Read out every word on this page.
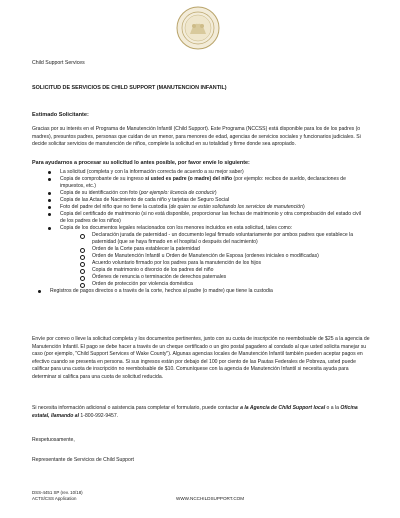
Child Support Services
SOLICITUD DE SERVICIOS DE CHILD SUPPORT (MANUTENCION INFANTIL)
Estimado Solicitante:
Gracias por su interés en el Programa de Manutención Infantil (Child Support). Este Programa (NCCSS) está disponible para los de los padres (o madres), presuntos padres, personas que cuidan de un menor, para menores de edad, agencias de servicios sociales y funcionarios judiciales. Si decide solicitar servicios de manutención de niños, complete la solicitud en su totalidad y firme donde sea apropiado.
Para ayudarnos a procesar su solicitud lo antes posible, por favor envíe lo siguiente:
La solicitud (completa y con la información correcta de acuerdo a su mejor saber)
Copia de comprobante de su ingreso si usted es padre (o madre) del niño (por ejemplo: recibos de sueldo, declaraciones de impuestos, etc.)
Copia de su identificación con foto (por ejemplo: licencia de conducir)
Copia de las Actas de Nacimiento de cada niño y tarjetas de Seguro Social
Foto del padre del niño que no tiene la custodia (de quien se están solicitando los servicios de manutención)
Copia del certificado de matrimonio (si no está disponible, proporcionar las fechas de matrimonio y otra comprobación del estado civil de los padres de los niños)
Copia de los documentos legales relacionados con los menores incluidos en esta solicitud, tales como:
Declaración jurada de paternidad - un documento legal firmado voluntariamente por ambos padres que establece la paternidad (que se haya firmado en el hospital o después del nacimiento)
Orden de la Corte para establecer la paternidad
Orden de Manutención Infantil u Orden de Manutención de Esposa (ordenes iniciales o modificadas)
Acuerdo voluntario firmado por los padres para la manutención de los hijos
Copia de matrimonio o divorcio de los padres del niño
Órdenes de renuncia o terminación de derechos paternales
Orden de protección por violencia doméstica
Registros de pagos directos o a través de la corte, hechos al padre (o madre) que tiene la custodia
Envíe por correo o lleve la solicitud completa y los documentos pertinentes, junto con su cuota de inscripción no reembolsable de $25 a la agencia de Manutención Infantil. El pago se debe hacer a través de un cheque certificado o un giro postal pagadero al condado al que usted solicita manejar su caso (por ejemplo, "Child Support Services of Wake County"). Algunas agencias locales de Manutención Infantil también pueden aceptar pagos en efectivo cuando se presenta en persona. Si sus ingresos están por debajo del 100 por ciento de las Pautas Federales de Pobreza, usted puede calificar para una cuota de inscripción no reembolsable de $10. Comuníquese con la agencia de Manutención Infantil si necesita ayuda para determinar si califica para una cuota de solicitud reducida.
Si necesita información adicional o asistencia para completar el formulario, puede contactar a la Agencia de Child Support local o a la Oficina estatal, llamando al 1-800-992-9457.
Respetuosamente,
Representante de Servicios de Child Support
DSS-4451 SP (rev. 10/18)
ACTS/CSS Application	WWW.NCCHILDSUPPORT.COM
